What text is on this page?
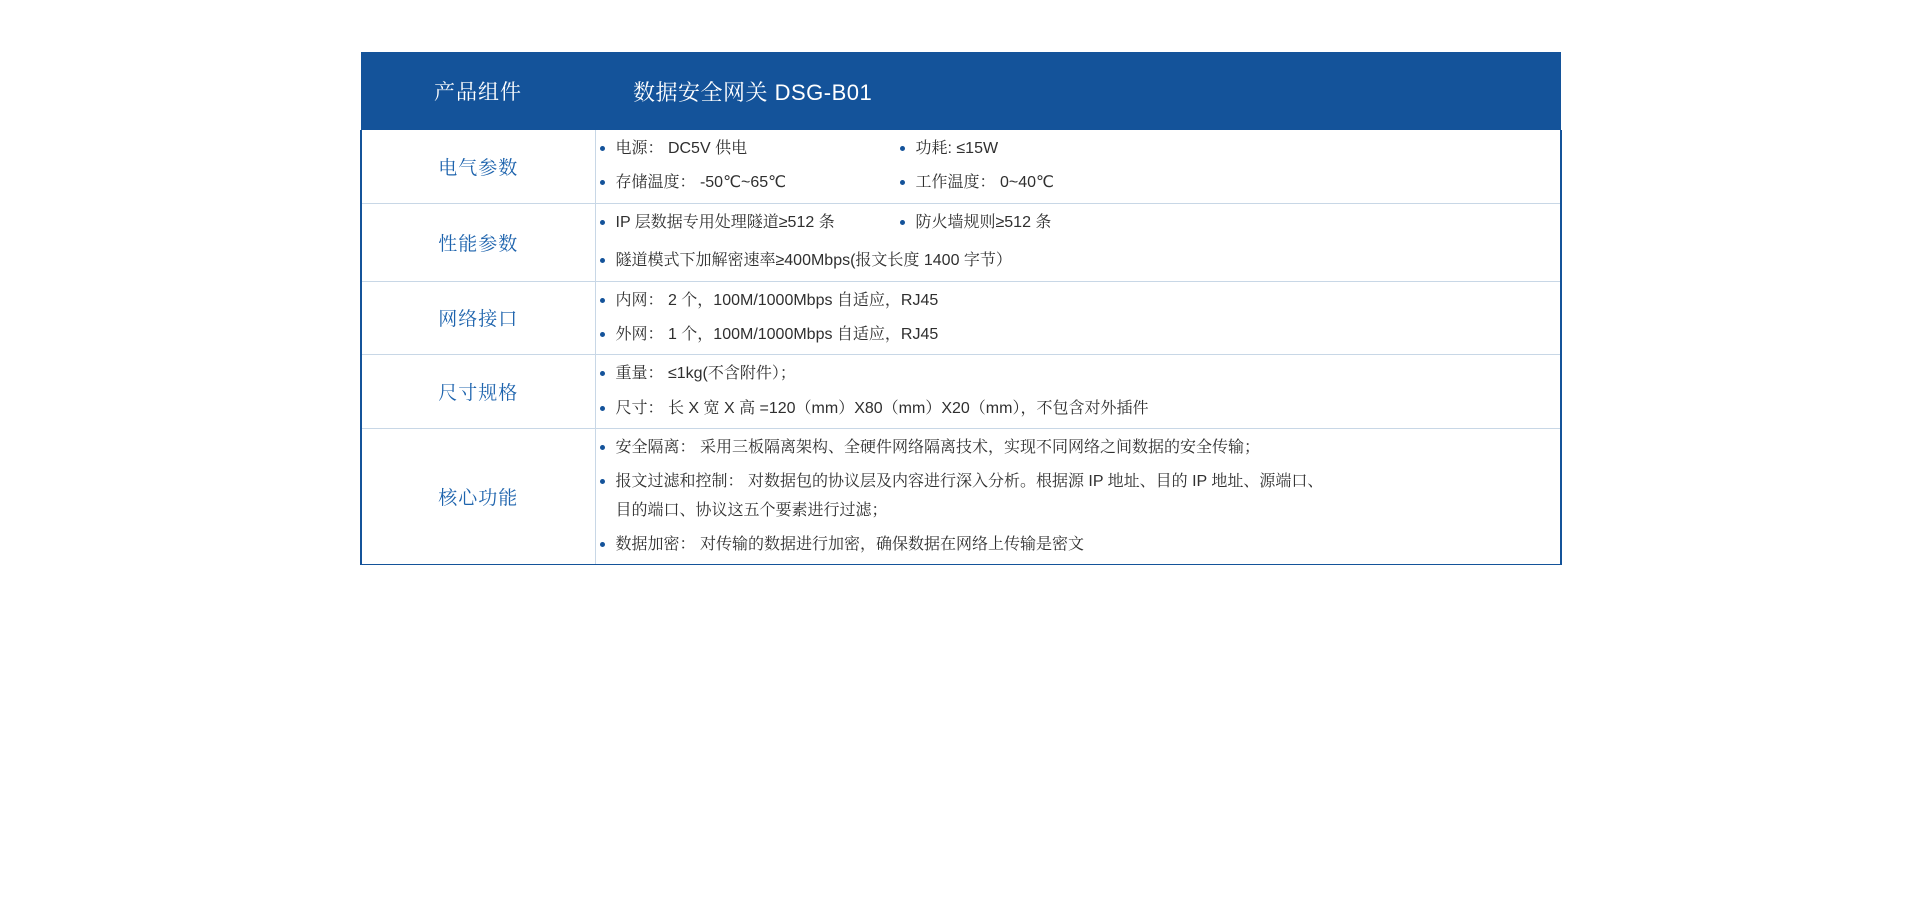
产品组件	数据安全网关 DSG-B01

电气参数	
电源： DC5V 供电
存储温度： -50℃~65℃
功耗: ≤15W
工作温度： 0~40℃

性能参数	
IP 层数据专用处理隧道≥512 条	防火墙规则≥512 条
隧道模式下加解密速率≥400Mbps(报文长度 1400 字节）

网络接口	
内网： 2 个，100M/1000Mbps 自适应，RJ45
外网： 1 个，100M/1000Mbps 自适应，RJ45

尺寸规格	
重量： ≤1kg(不含附件）；
尺寸： 长 X 宽 X 高 =120（mm）X80（mm）X20（mm），不包含对外插件

核心功能	
安全隔离： 采用三板隔离架构、全硬件网络隔离技术，实现不同网络之间数据的安全传输；
报文过滤和控制： 对数据包的协议层及内容进行深入分析。根据源 IP 地址、目的 IP 地址、源端口、目的端口、协议这五个要素进行过滤；
数据加密： 对传输的数据进行加密，确保数据在网络上传输是密文
